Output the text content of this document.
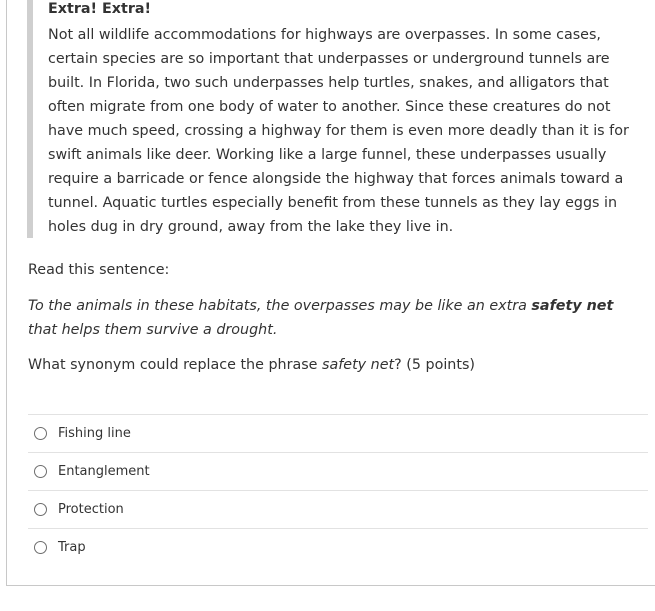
Extra! Extra!
Not all wildlife accommodations for highways are overpasses. In some cases, certain species are so important that underpasses or underground tunnels are built. In Florida, two such underpasses help turtles, snakes, and alligators that often migrate from one body of water to another. Since these creatures do not have much speed, crossing a highway for them is even more deadly than it is for swift animals like deer. Working like a large funnel, these underpasses usually require a barricade or fence alongside the highway that forces animals toward a tunnel. Aquatic turtles especially benefit from these tunnels as they lay eggs in holes dug in dry ground, away from the lake they live in.
Read this sentence:
To the animals in these habitats, the overpasses may be like an extra safety net that helps them survive a drought.
What synonym could replace the phrase safety net? (5 points)
Fishing line
Entanglement
Protection
Trap
